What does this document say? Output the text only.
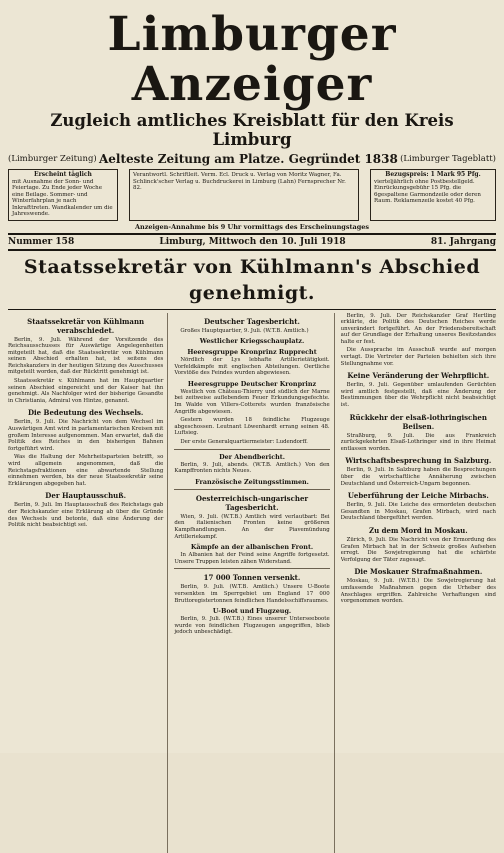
Limburger Anzeiger
Zugleich amtliches Kreisblatt für den Kreis Limburg
(Limburger Zeitung) Aelteste Zeitung am Platze. Gegründet 1838 (Limburger Tageblatt)
Erscheint täglich
mit Ausnahme der Sonn- und Feiertage. Zu Ende jeder Woche eine Beilage. Sommer- und Winterfahrplan je nach Inkrafttreten. Wandkalender um die Jahreswende.
Verantwortl. Schriftleit. Verm. Ecl. Druck u. Verlag von Moritz Wagner, Fa. Schlinck'scher Verlag u. Buchdruckerei in Limburg (Lahn) Fernsprecher Nr. 82.
Bezugspreis: 1 Mark 95 Pfg.
vierteljährlich ohne Postbestellgeld. Einrückungsgebühr 15 Pfg. die 6gespaltene Garmondzeile oder deren Raum. Reklamenzeile kostet 40 Pfg.
Anzeigen-Annahme bis 9 Uhr vormittags des Erscheinungstages
Nummer 158	Limburg, Mittwoch den 10. Juli 1918	81. Jahrgang
Staatssekretär von Kühlmann's Abschied genehmigt.
Staatssekretär von Kühlmann verabschiedet.

Berlin, 9. Juli. Während der Vorsitzende des Reichsausschusses für Auswärtige Angelegenheiten mitgeteilt hat, daß die Staatssekretär von Kühlmann seinen Abschied erhalten hat, ist seitens des Reichskanzlers in der heutigen Sitzung des Ausschusses mitgeteilt worden, daß der Rücktritt genehmigt ist.

Staatssekretär v. Kühlmann hat im Hauptquartier seinen Abschied eingereicht und der Kaiser hat ihn genehmigt. Als Nachfolger wird der bisherige Gesandte in Christiania, Admiral von Hintze, genannt.

Die Bedeutung des Wechsels.

Berlin, 9. Juli. Die Nachricht von dem Wechsel im Auswärtigen Amt wird in parlamentarischen Kreisen mit großem Interesse aufgenommen. Man erwartet, daß die Politik des Reiches in den bisherigen Bahnen fortgeführt wird.

Was die Haltung der Mehrheitsparteien betrifft, so wird allgemein angenommen, daß die Reichstagsfraktionen eine abwartende Stellung einnehmen werden, bis der neue Staatssekretär seine Erklärungen abgegeben hat.

Der Hauptausschuß.

Berlin, 9. Juli. Im Hauptausschuß des Reichstags gab der Reichskanzler eine Erklärung ab über die Gründe des Wechsels und betonte, daß eine Änderung der Politik nicht beabsichtigt sei.

Deutscher Tagesbericht.

Großes Hauptquartier, 9. Juli. (W.T.B. Amtlich.)

Westlicher Kriegsschauplatz.
Heeresgruppe Kronprinz Rupprecht

Nördlich der Lys lebhafte Artillerietätigkeit. Vorfeldkämpfe mit englischen Abteilungen. Oertliche Vorstöße des Feindes wurden abgewiesen.

Heeresgruppe Deutscher Kronprinz

Westlich von Château-Thierry und südlich der Marne bei zeitweise auflebendem Feuer Erkundungsgefechte. Im Walde von Villers-Cotterets wurden französische Angriffe abgewiesen.

Gestern wurden 18 feindliche Flugzeuge abgeschossen. Leutnant Löwenhardt errang seinen 48. Luftsieg.

Der erste Generalquartiermeister: Ludendorff.

Der Abendbericht.

Berlin, 9. Juli, abends. (W.T.B. Amtlich.) Von den Kampffronten nichts Neues.

Französische Zeitungsstimmen.
Oesterreichisch-ungarischer Tagesbericht.

Wien, 9. Juli. (W.T.B.) Amtlich wird verlautbart: Bei den italienischen Fronten keine größeren Kampfhandlungen. An der Piavemündung Artilleriekampf.

Kämpfe an der albanischen Front.

In Albanien hat der Feind seine Angriffe fortgesetzt. Unsere Truppen leisten zähen Widerstand.

17 000 Tonnen versenkt.

Berlin, 9. Juli. (W.T.B. Amtlich.) Unsere U-Boote versenkten im Sperrgebiet um England 17 000 Bruttoregistertonnen feindlichen Handelsschiffsraumes.

U-Boot und Flugzeug.

Berlin, 9. Juli. (W.T.B.) Eines unserer Unterseeboote wurde von feindlichen Flugzeugen angegriffen, blieb jedoch unbeschädigt.

Berlin, 9. Juli. Der Reichskanzler Graf Hertling erklärte, die Politik des Deutschen Reiches werde unverändert fortgeführt. An der Friedensbereitschaft auf der Grundlage der Erhaltung unseres Besitzstandes halte er fest.

Die Aussprache im Ausschuß wurde auf morgen vertagt. Die Vertreter der Parteien behielten sich ihre Stellungnahme vor.

Keine Veränderung der Wehrpflicht.

Berlin, 9. Juli. Gegenüber umlaufenden Gerüchten wird amtlich festgestellt, daß eine Änderung der Bestimmungen über die Wehrpflicht nicht beabsichtigt ist.

Rückkehr der elsaß-lothringischen Beilsen.

Straßburg, 9. Juli. Die aus Frankreich zurückgekehrten Elsaß-Lothringer sind in ihre Heimat entlassen worden.

Wirtschaftsbesprechung in Salzburg.

Berlin, 9. Juli. In Salzburg haben die Besprechungen über die wirtschaftliche Annäherung zwischen Deutschland und Österreich-Ungarn begonnen.

Ueberführung der Leiche Mirbachs.

Berlin, 9. Juli. Die Leiche des ermordeten deutschen Gesandten in Moskau, Grafen Mirbach, wird nach Deutschland übergeführt werden.

Zu dem Mord in Moskau.

Zürich, 9. Juli. Die Nachricht von der Ermordung des Grafen Mirbach hat in der Schweiz großes Aufsehen erregt. Die Sowjetregierung hat die schärfste Verfolgung der Täter zugesagt.

Die Moskauer Strafmaßnahmen.

Moskau, 9. Juli. (W.T.B.) Die Sowjetregierung hat umfassende Maßnahmen gegen die Urheber des Anschlages ergriffen. Zahlreiche Verhaftungen sind vorgenommen worden.
